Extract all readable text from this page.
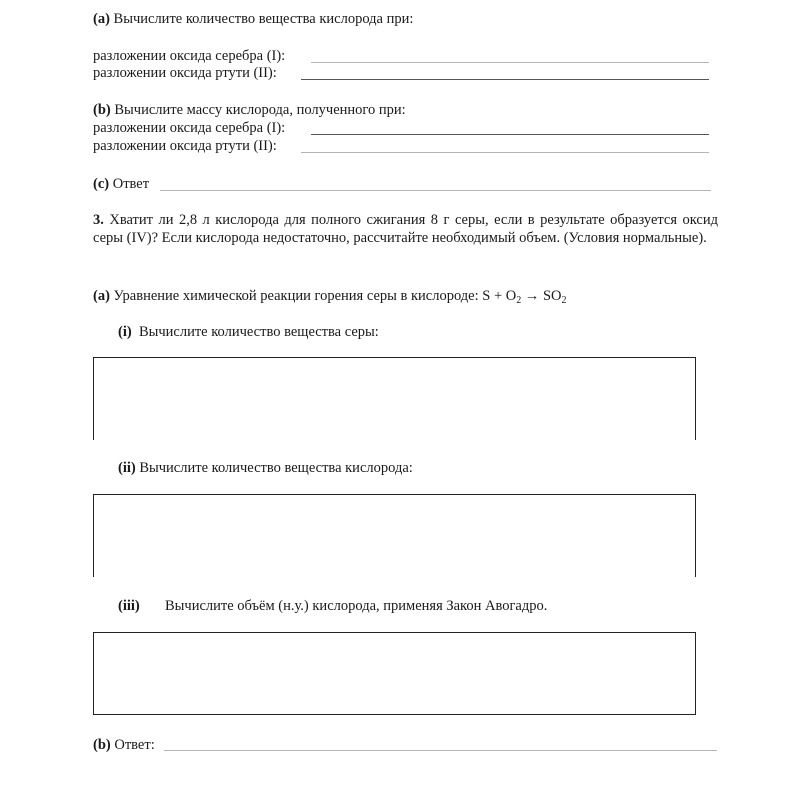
(a) Вычислите количество вещества кислорода при:
разложении оксида серебра (I):
разложении оксида ртути (II):
(b) Вычислите массу кислорода, полученного при:
разложении оксида серебра (I):
разложении оксида ртути (II):
(c) Ответ
3. Хватит ли 2,8 л кислорода для полного сжигания 8 г серы, если в результате образуется оксид серы (IV)? Если кислорода недостаточно, рассчитайте необходимый объем. (Условия нормальные).
(a) Уравнение химической реакции горения серы в кислороде: $S + O_2 \to SO_2$
(i) Вычислите количество вещества серы:
(ii) Вычислите количество вещества кислорода:
(iii) Вычислите объём (н.у.) кислорода, применяя Закон Авогадро.
(b) Ответ:
